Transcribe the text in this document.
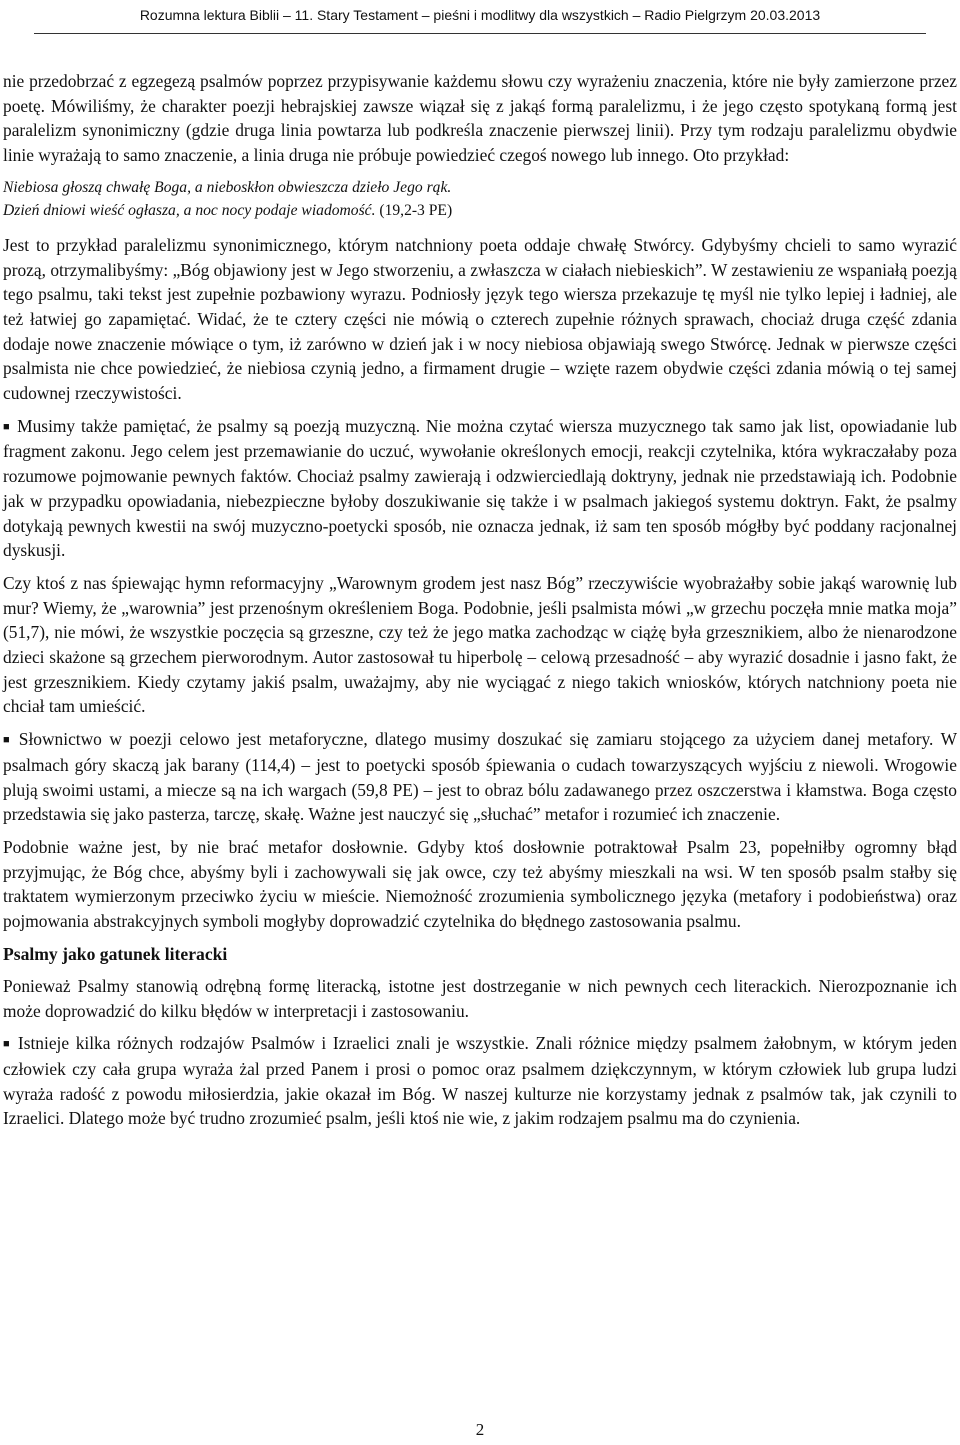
Rozumna lektura Biblii – 11. Stary Testament – pieśni i modlitwy dla wszystkich – Radio Pielgrzym 20.03.2013

nie przedobrzać z egzegezą psalmów poprzez przypisywanie każdemu słowu czy wyrażeniu znaczenia, które nie były zamierzone przez poetę. Mówiliśmy, że charakter poezji hebrajskiej zawsze wiązał się z jakąś formą paralelizmu, i że jego często spotykaną formą jest paralelizm synonimiczny (gdzie druga linia powtarza lub podkreśla znaczenie pierwszej linii). Przy tym rodzaju paralelizmu obydwie linie wyrażają to samo znaczenie, a linia druga nie próbuje powiedzieć czegoś nowego lub innego. Oto przykład:

Niebiosa głoszą chwałę Boga, a nieboskłon obwieszcza dzieło Jego rąk.

Dzień dniowi wieść ogłasza, a noc nocy podaje wiadomość. (19,2-3 PE)

Jest to przykład paralelizmu synonimicznego, którym natchniony poeta oddaje chwałę Stwórcy. Gdybyśmy chcieli to samo wyrazić prozą, otrzymalibyśmy: „Bóg objawiony jest w Jego stworzeniu, a zwłaszcza w ciałach niebieskich”. W zestawieniu ze wspaniałą poezją tego psalmu, taki tekst jest zupełnie pozbawiony wyrazu. Podniosły język tego wiersza przekazuje tę myśl nie tylko lepiej i ładniej, ale też łatwiej go zapamiętać. Widać, że te cztery części nie mówią o czterech zupełnie różnych sprawach, chociaż druga część zdania dodaje nowe znaczenie mówiące o tym, iż zarówno w dzień jak i w nocy niebiosa objawiają swego Stwórcę. Jednak w pierwsze części psalmista nie chce powiedzieć, że niebiosa czynią jedno, a firmament drugie – wzięte razem obydwie części zdania mówią o tej samej cudownej rzeczywistości.

■ Musimy także pamiętać, że psalmy są poezją muzyczną. Nie można czytać wiersza muzycznego tak samo jak list, opowiadanie lub fragment zakonu. Jego celem jest przemawianie do uczuć, wywołanie określonych emocji, reakcji czytelnika, która wykraczałaby poza rozumowe pojmowanie pewnych faktów. Chociaż psalmy zawierają i odzwierciedlają doktryny, jednak nie przedstawiają ich. Podobnie jak w przypadku opowiadania, niebezpieczne byłoby doszukiwanie się także i w psalmach jakiegoś systemu doktryn. Fakt, że psalmy dotykają pewnych kwestii na swój muzyczno-poetycki sposób, nie oznacza jednak, iż sam ten sposób mógłby być poddany racjonalnej dyskusji.

Czy ktoś z nas śpiewając hymn reformacyjny „Warownym grodem jest nasz Bóg” rzeczywiście wyobrażałby sobie jakąś warownię lub mur? Wiemy, że „warownia” jest przenośnym określeniem Boga. Podobnie, jeśli psalmista mówi „w grzechu poczęła mnie matka moja” (51,7), nie mówi, że wszystkie poczęcia są grzeszne, czy też że jego matka zachodząc w ciążę była grzesznikiem, albo że nienarodzone dzieci skażone są grzechem pierworodnym. Autor zastosował tu hiperbolę – celową przesadność – aby wyrazić dosadnie i jasno fakt, że jest grzesznikiem. Kiedy czytamy jakiś psalm, uważajmy, aby nie wyciągać z niego takich wniosków, których natchniony poeta nie chciał tam umieścić.

■ Słownictwo w poezji celowo jest metaforyczne, dlatego musimy doszukać się zamiaru stojącego za użyciem danej metafory. W psalmach góry skaczą jak barany (114,4) – jest to poetycki sposób śpiewania o cudach towarzyszących wyjściu z niewoli. Wrogowie plują swoimi ustami, a miecze są na ich wargach (59,8 PE) – jest to obraz bólu zadawanego przez oszczerstwa i kłamstwa. Boga często przedstawia się jako pasterza, tarczę, skałę. Ważne jest nauczyć się „słuchać” metafor i rozumieć ich znaczenie.

Podobnie ważne jest, by nie brać metafor dosłownie. Gdyby ktoś dosłownie potraktował Psalm 23, popełniłby ogromny błąd przyjmując, że Bóg chce, abyśmy byli i zachowywali się jak owce, czy też abyśmy mieszkali na wsi. W ten sposób psalm stałby się traktatem wymierzonym przeciwko życiu w mieście. Niemożność zrozumienia symbolicznego języka (metafory i podobieństwa) oraz pojmowania abstrakcyjnych symboli mogłyby doprowadzić czytelnika do błędnego zastosowania psalmu.

Psalmy jako gatunek literacki

Ponieważ Psalmy stanowią odrębną formę literacką, istotne jest dostrzeganie w nich pewnych cech literackich. Nierozpoznanie ich może doprowadzić do kilku błędów w interpretacji i zastosowaniu.

■ Istnieje kilka różnych rodzajów Psalmów i Izraelici znali je wszystkie. Znali różnice między psalmem żałobnym, w którym jeden człowiek czy cała grupa wyraża żal przed Panem i prosi o pomoc oraz psalmem dziękczynnym, w którym człowiek lub grupa ludzi wyraża radość z powodu miłosierdzia, jakie okazał im Bóg. W naszej kulturze nie korzystamy jednak z psalmów tak, jak czynili to Izraelici. Dlatego może być trudno zrozumieć psalm, jeśli ktoś nie wie, z jakim rodzajem psalmu ma do czynienia.

2
